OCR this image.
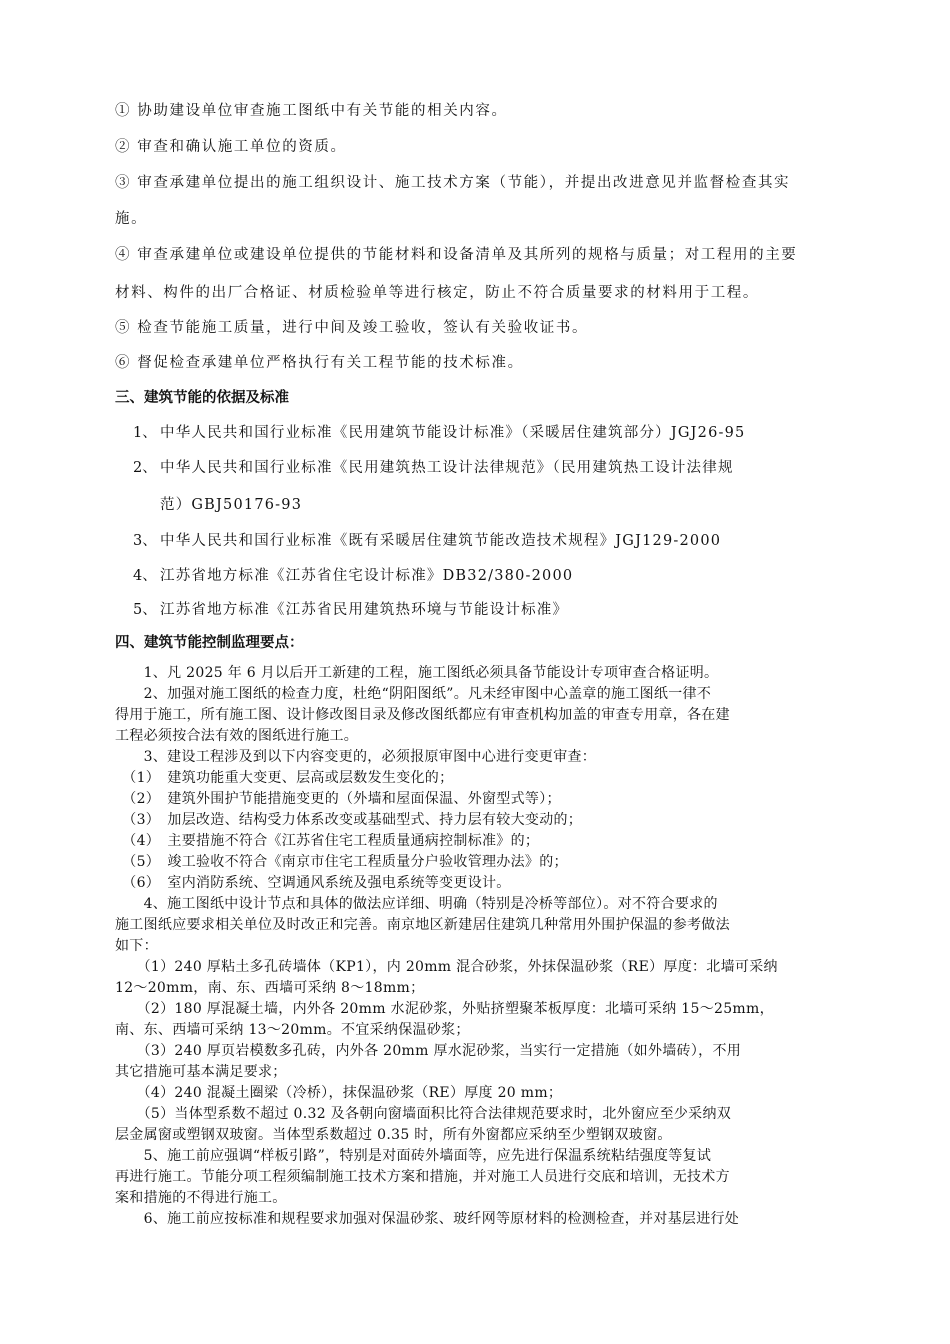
① 协助建设单位审查施工图纸中有关节能的相关内容。
② 审查和确认施工单位的资质。
③ 审查承建单位提出的施工组织设计、施工技术方案（节能），并提出改进意见并监督检查其实
施。
④ 审查承建单位或建设单位提供的节能材料和设备清单及其所列的规格与质量；对工程用的主要
材料、构件的出厂合格证、材质检验单等进行核定，防止不符合质量要求的材料用于工程。
⑤ 检查节能施工质量，进行中间及竣工验收，签认有关验收证书。
⑥ 督促检查承建单位严格执行有关工程节能的技术标准。
三、建筑节能的依据及标准
1、 中华人民共和国行业标准《民用建筑节能设计标准》（采暖居住建筑部分）JGJ26-95
2、 中华人民共和国行业标准《民用建筑热工设计法律规范》（民用建筑热工设计法律规
范）GBJ50176-93
3、 中华人民共和国行业标准《既有采暖居住建筑节能改造技术规程》JGJ129-2000
4、 江苏省地方标准《江苏省住宅设计标准》DB32/380-2000
5、 江苏省地方标准《江苏省民用建筑热环境与节能设计标准》
四、建筑节能控制监理要点：
　　1、凡 2025 年 6 月以后开工新建的工程，施工图纸必须具备节能设计专项审查合格证明。
　　2、加强对施工图纸的检查力度，杜绝“阴阳图纸”。凡未经审图中心盖章的施工图纸一律不
得用于施工，所有施工图、设计修改图目录及修改图纸都应有审查机构加盖的审查专用章，各在建
工程必须按合法有效的图纸进行施工。
　　3、建设工程涉及到以下内容变更的，必须报原审图中心进行变更审查：
　（1）　建筑功能重大变更、层高或层数发生变化的；
　（2）　建筑外围护节能措施变更的（外墙和屋面保温、外窗型式等）；
　（3）　加层改造、结构受力体系改变或基础型式、持力层有较大变动的；
　（4）　主要措施不符合《江苏省住宅工程质量通病控制标准》的；
　（5）　竣工验收不符合《南京市住宅工程质量分户验收管理办法》的；
　（6）　室内消防系统、空调通风系统及强电系统等变更设计。
　　4、施工图纸中设计节点和具体的做法应详细、明确（特别是冷桥等部位）。对不符合要求的
施工图纸应要求相关单位及时改正和完善。南京地区新建居住建筑几种常用外围护保温的参考做法
如下：
　　（1）240 厚粘土多孔砖墙体（KP1），内 20mm 混合砂浆，外抹保温砂浆（RE）厚度：北墙可采纳
12～20mm，南、东、西墙可采纳 8～18mm；
　　（2）180 厚混凝土墙，内外各 20mm 水泥砂浆，外贴挤塑聚苯板厚度：北墙可采纳 15～25mm，
南、东、西墙可采纳 13～20mm。不宜采纳保温砂浆；
　　（3）240 厚页岩模数多孔砖，内外各 20mm 厚水泥砂浆，当实行一定措施（如外墙砖），不用
其它措施可基本满足要求；
　　（4）240 混凝土圈梁（冷桥），抹保温砂浆（RE）厚度 20 mm；
　　（5）当体型系数不超过 0.32 及各朝向窗墙面积比符合法律规范要求时，北外窗应至少采纳双
层金属窗或塑钢双玻窗。当体型系数超过 0.35 时，所有外窗都应采纳至少塑钢双玻窗。
　　5、施工前应强调“样板引路”，特别是对面砖外墙面等，应先进行保温系统粘结强度等复试
再进行施工。节能分项工程须编制施工技术方案和措施，并对施工人员进行交底和培训，无技术方
案和措施的不得进行施工。
　　6、施工前应按标准和规程要求加强对保温砂浆、玻纤网等原材料的检测检查，并对基层进行处
